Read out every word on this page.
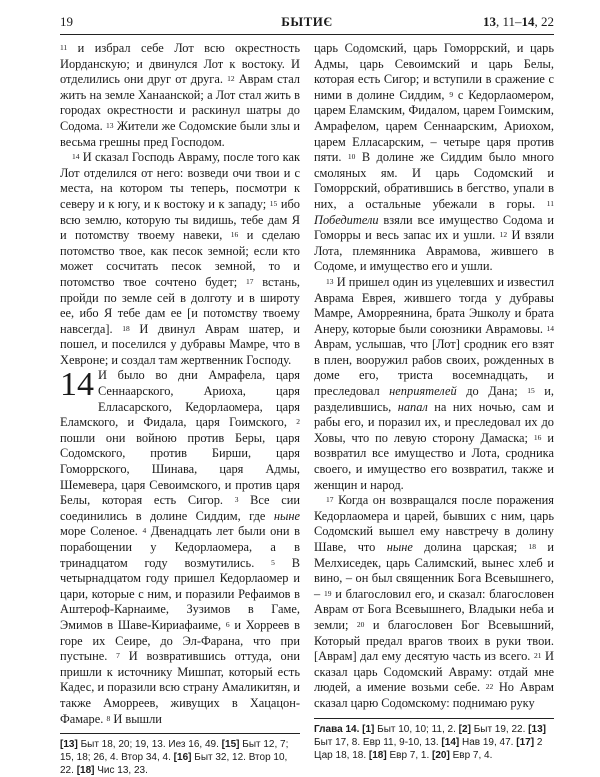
19	БЫТИЄ	13, 11–14, 22

$^{11}$ и избрал себе Лот всю окрестность Иорданскую; и двинулся Лот к востоку. И отделились они друг от друга. $^{12}$ Аврам стал жить на земле Ханаанской; а Лот стал жить в городах окрестности и раскинул шатры до Содома. $^{13}$ Жители же Содомские были злы и весьма грешны пред Господом.

$^{14}$ И сказал Господь Авраму, после того как Лот отделился от него: возведи очи твои и с места, на котором ты теперь, посмотри к северу и к югу, и к востоку и к западу; $^{15}$ ибо всю землю, которую ты видишь, тебе дам Я и потомству твоему навеки, $^{16}$ и сделаю потомство твое, как песок земной; если кто может сосчитать песок земной, то и потомство твое сочтено будет; $^{17}$ встань, пройди по земле сей в долготу и в широту ее, ибо Я тебе дам ее [и потомству твоему навсегда]. $^{18}$ И двинул Аврам шатер, и пошел, и поселился у дубравы Мамре, что в Хевроне; и создал там жертвенник Господу.

14 И было во дни Амрафела, царя Сеннаарского, Ариоха, царя Елласарского, Кедорлаомера, царя Еламского, и Фидала, царя Гоимского, $^2$ пошли они войною против Беры, царя Содомского, против Бирши, царя Гоморрского, Шинава, царя Адмы, Шемевера, царя Севоимского, и против царя Белы, которая есть Сигор. $^3$ Все сии соединились в долине Сиддим, где ныне море Соленое. $^4$ Двенадцать лет были они в порабощении у Кедорлаомера, а в тринадцатом году возмутились. $^5$ В четырнадцатом году пришел Кедорлаомер и цари, которые с ним, и поразили Рефаимов в Аштероф-Карнаиме, Зузимов в Гаме, Эмимов в Шаве-Кириафаиме, $^6$ и Хорреев в горе их Сеире, до Эл-Фарана, что при пустыне. $^7$ И возвратившись оттуда, они пришли к источнику Мишпат, который есть Кадес, и поразили всю страну Амаликитян, и также Аморреев, живущих в Хацацон-Фамаре. $^8$ И вышли

[13] Быт 18, 20; 19, 13. Иез 16, 49. [15] Быт 12, 7; 15, 18; 26, 4. Втор 34, 4. [16] Быт 32, 12. Втор 10, 22. [18] Чис 13, 23.

царь Содомский, царь Гоморрский, и царь Адмы, царь Севоимский и царь Белы, которая есть Сигор; и вступили в сражение с ними в долине Сиддим, $^9$ с Кедорлаомером, царем Еламским, Фидалом, царем Гоимским, Амрафелом, царем Сеннаарским, Ариохом, царем Елласарским, – четыре царя против пяти. $^{10}$ В долине же Сиддим было много смоляных ям. И царь Содомский и Гоморрский, обратившись в бегство, упали в них, а остальные убежали в горы. $^{11}$ Победители взяли все имущество Содома и Гоморры и весь запас их и ушли. $^{12}$ И взяли Лота, племянника Аврамова, жившего в Содоме, и имущество его и ушли.

$^{13}$ И пришел один из уцелевших и известил Аврама Еврея, жившего тогда у дубравы Мамре, Аморреянина, брата Эшколу и брата Анеру, которые были союзники Аврамовы. $^{14}$ Аврам, услышав, что [Лот] сродник его взят в плен, вооружил рабов своих, рожденных в доме его, триста восемнадцать, и преследовал неприятелей до Дана; $^{15}$ и, разделившись, напал на них ночью, сам и рабы его, и поразил их, и преследовал их до Ховы, что по левую сторону Дамаска; $^{16}$ и возвратил все имущество и Лота, сродника своего, и имущество его возвратил, также и женщин и народ.

$^{17}$ Когда он возвращался после поражения Кедорлаомера и царей, бывших с ним, царь Содомский вышел ему навстречу в долину Шаве, что ныне долина царская; $^{18}$ и Мелхиседек, царь Салимский, вынес хлеб и вино, – он был священник Бога Всевышнего, – $^{19}$ и благословил его, и сказал: благословен Аврам от Бога Всевышнего, Владыки неба и земли; $^{20}$ и благословен Бог Всевышний, Который предал врагов твоих в руки твои. [Аврам] дал ему десятую часть из всего. $^{21}$ И сказал царь Содомский Авраму: отдай мне людей, а имение возьми себе. $^{22}$ Но Аврам сказал царю Содомскому: поднимаю руку

Глава 14. [1] Быт 10, 10; 11, 2. [2] Быт 19, 22. [13] Быт 17, 8. Евр 11, 9-10, 13. [14] Нав 19, 47. [17] 2 Цар 18, 18. [18] Евр 7, 1. [20] Евр 7, 4.
